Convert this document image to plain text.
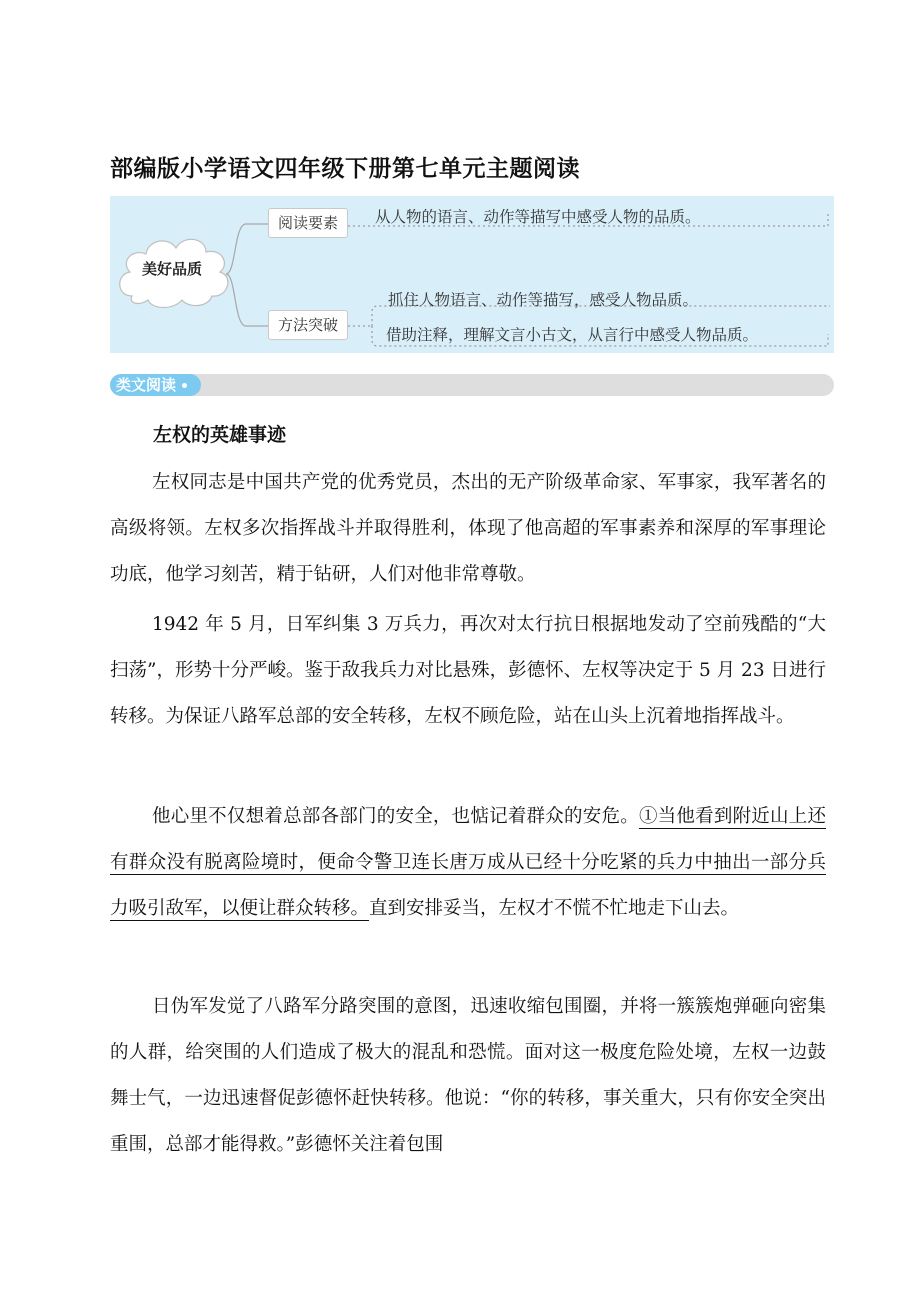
部编版小学语文四年级下册第七单元主题阅读
美好品质
阅读要素
方法突破
从人物的语言、动作等描写中感受人物的品质。
抓住人物语言、动作等描写，感受人物品质。
借助注释，理解文言小古文，从言行中感受人物品质。
类文阅读
左权的英雄事迹
左权同志是中国共产党的优秀党员，杰出的无产阶级革命家、军事家，我军著名的高级将领。左权多次指挥战斗并取得胜利，体现了他高超的军事素养和深厚的军事理论功底，他学习刻苦，精于钻研，人们对他非常尊敬。
1942 年 5 月，日军纠集 3 万兵力，再次对太行抗日根据地发动了空前残酷的“大扫荡”，形势十分严峻。鉴于敌我兵力对比悬殊，彭德怀、左权等决定于 5 月 23 日进行转移。为保证八路军总部的安全转移，左权不顾危险，站在山头上沉着地指挥战斗。
他心里不仅想着总部各部门的安全，也惦记着群众的安危。①当他看到附近山上还有群众没有脱离险境时，便命令警卫连长唐万成从已经十分吃紧的兵力中抽出一部分兵力吸引敌军，以便让群众转移。直到安排妥当，左权才不慌不忙地走下山去。
日伪军发觉了八路军分路突围的意图，迅速收缩包围圈，并将一簇簇炮弹砸向密集的人群，给突围的人们造成了极大的混乱和恐慌。面对这一极度危险处境，左权一边鼓舞士气，一边迅速督促彭德怀赶快转移。他说：“你的转移，事关重大，只有你安全突出重围，总部才能得救。”彭德怀关注着包围
